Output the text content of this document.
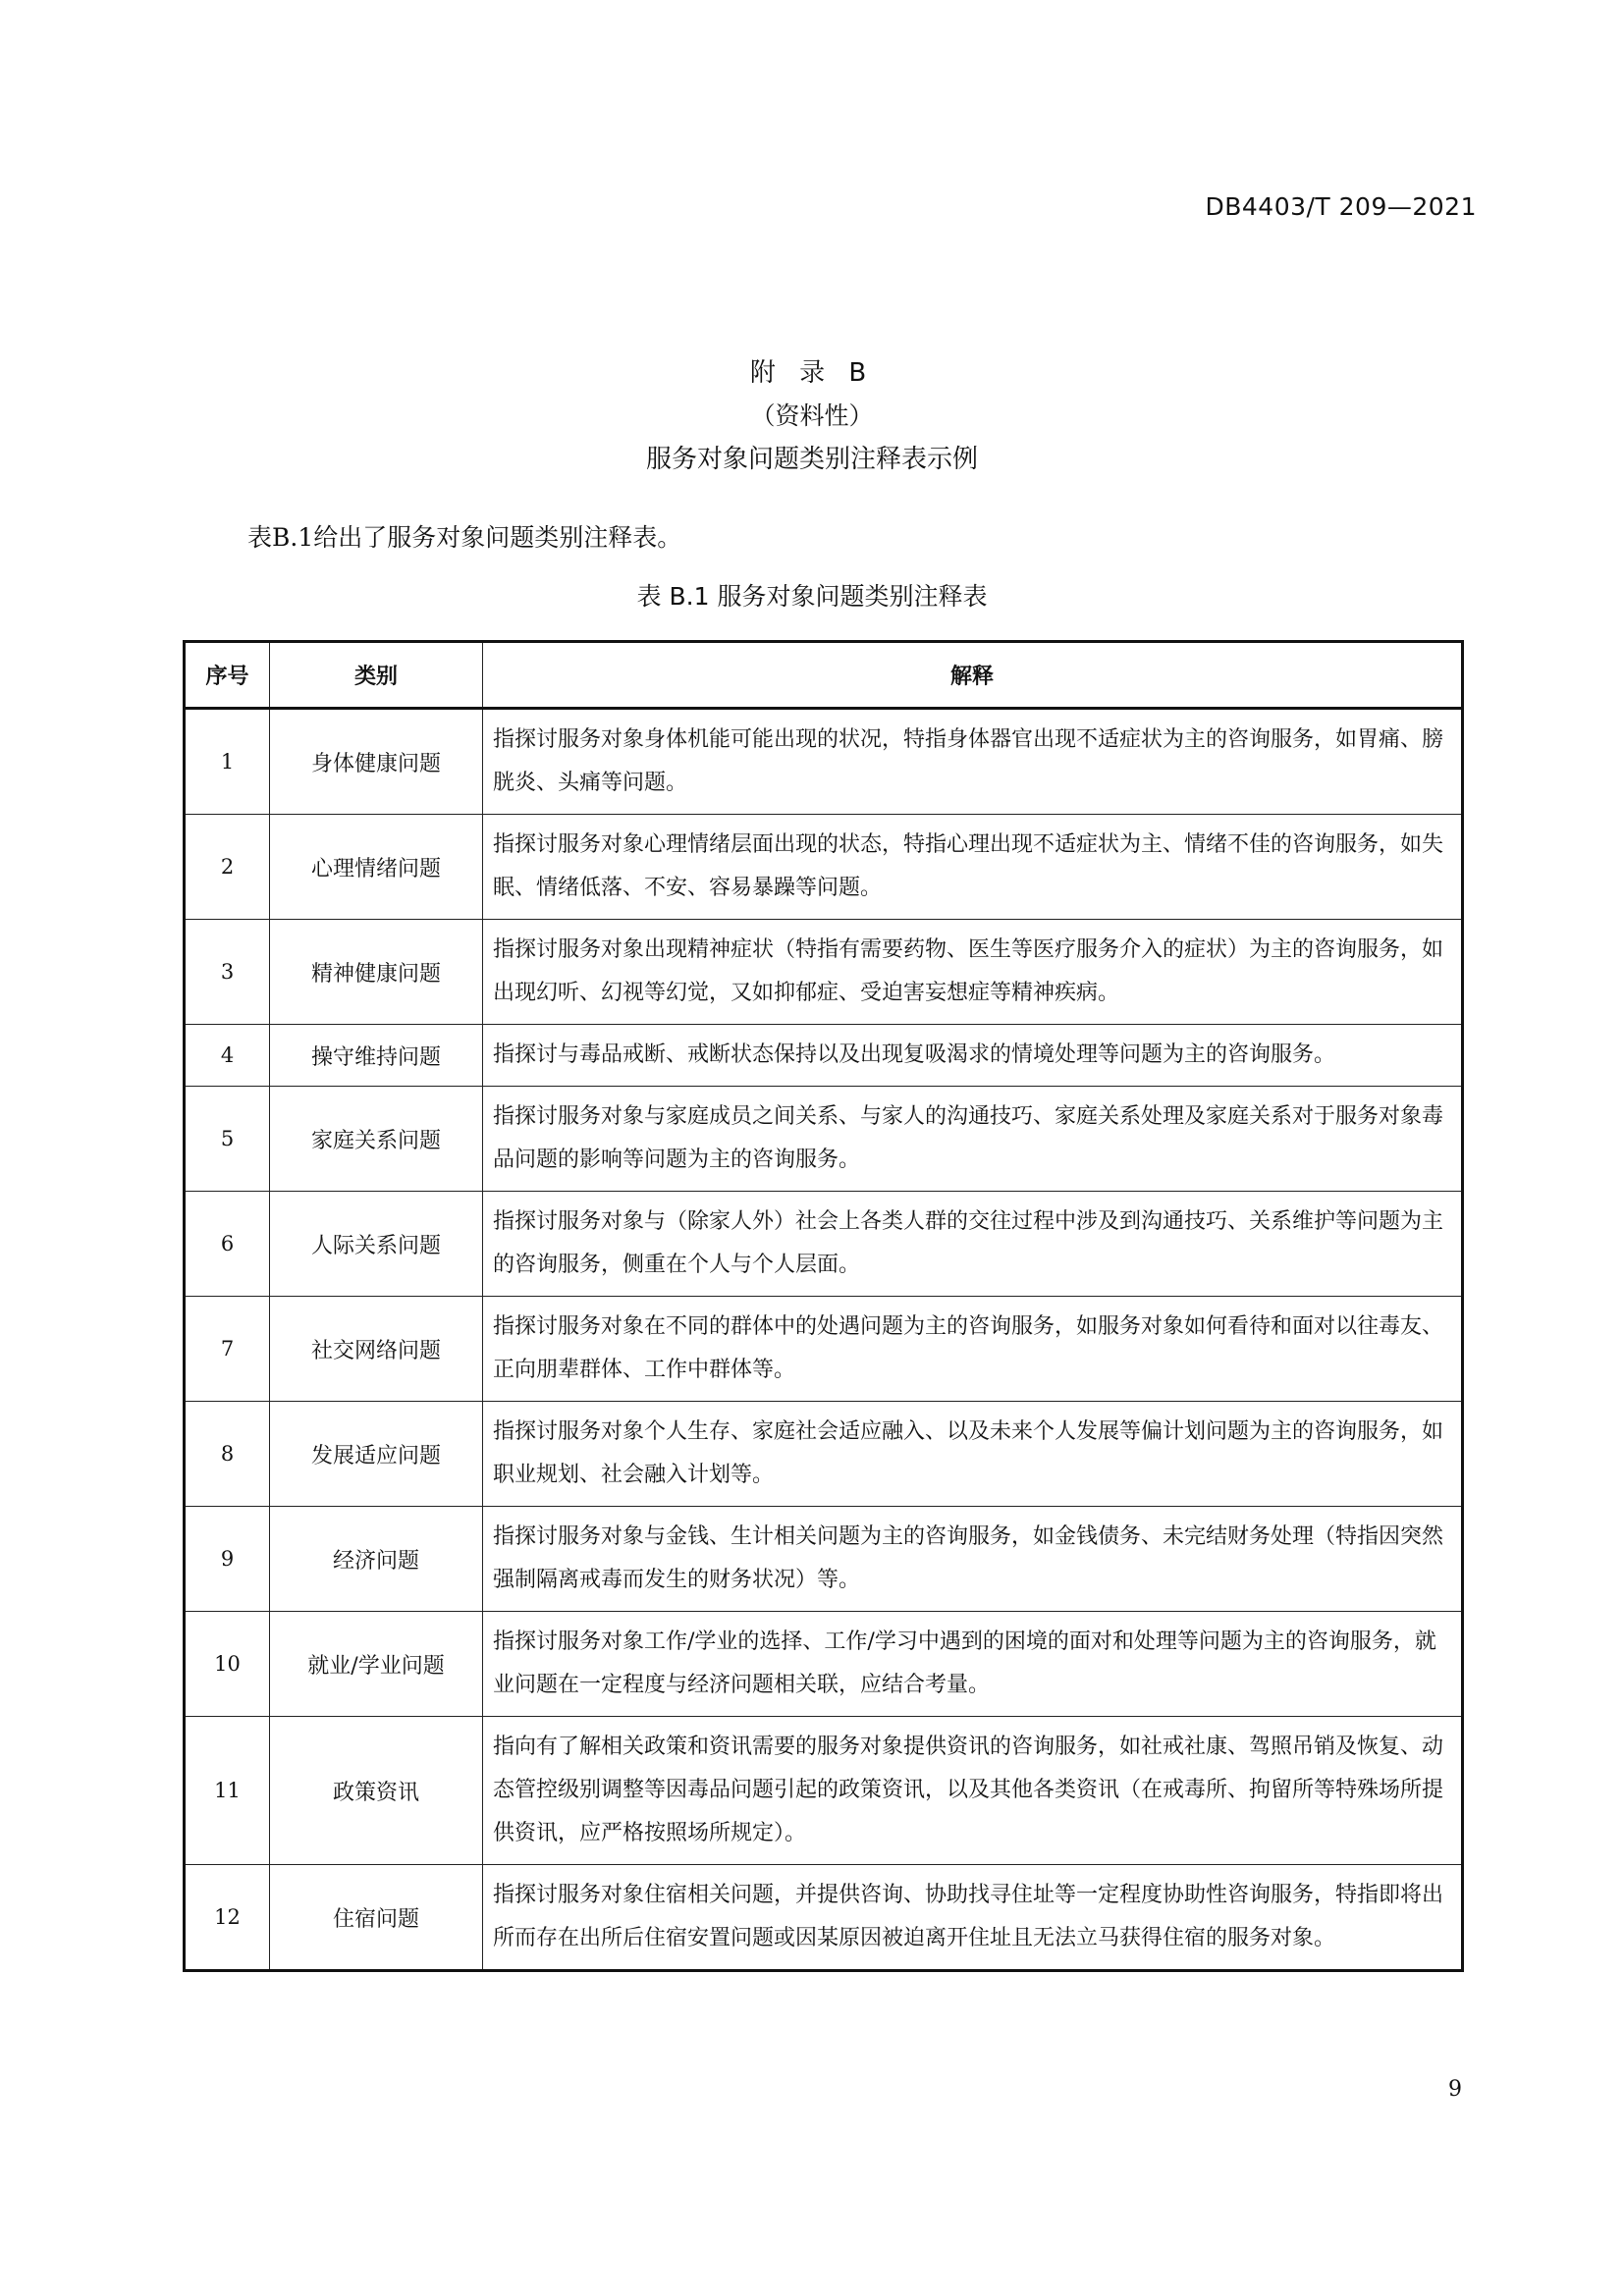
DB4403/T 209—2021
附 录 B
（资料性）
服务对象问题类别注释表示例
表B.1给出了服务对象问题类别注释表。
表 B.1 服务对象问题类别注释表
序号	类别	解释
1	身体健康问题	指探讨服务对象身体机能可能出现的状况，特指身体器官出现不适症状为主的咨询服务，如胃痛、膀胱炎、头痛等问题。
2	心理情绪问题	指探讨服务对象心理情绪层面出现的状态，特指心理出现不适症状为主、情绪不佳的咨询服务，如失眠、情绪低落、不安、容易暴躁等问题。
3	精神健康问题	指探讨服务对象出现精神症状（特指有需要药物、医生等医疗服务介入的症状）为主的咨询服务，如出现幻听、幻视等幻觉，又如抑郁症、受迫害妄想症等精神疾病。
4	操守维持问题	指探讨与毒品戒断、戒断状态保持以及出现复吸渴求的情境处理等问题为主的咨询服务。
5	家庭关系问题	指探讨服务对象与家庭成员之间关系、与家人的沟通技巧、家庭关系处理及家庭关系对于服务对象毒品问题的影响等问题为主的咨询服务。
6	人际关系问题	指探讨服务对象与（除家人外）社会上各类人群的交往过程中涉及到沟通技巧、关系维护等问题为主的咨询服务，侧重在个人与个人层面。
7	社交网络问题	指探讨服务对象在不同的群体中的处遇问题为主的咨询服务，如服务对象如何看待和面对以往毒友、正向朋辈群体、工作中群体等。
8	发展适应问题	指探讨服务对象个人生存、家庭社会适应融入、以及未来个人发展等偏计划问题为主的咨询服务，如职业规划、社会融入计划等。
9	经济问题	指探讨服务对象与金钱、生计相关问题为主的咨询服务，如金钱债务、未完结财务处理（特指因突然强制隔离戒毒而发生的财务状况）等。
10	就业/学业问题	指探讨服务对象工作/学业的选择、工作/学习中遇到的困境的面对和处理等问题为主的咨询服务，就业问题在一定程度与经济问题相关联，应结合考量。
11	政策资讯	指向有了解相关政策和资讯需要的服务对象提供资讯的咨询服务，如社戒社康、驾照吊销及恢复、动态管控级别调整等因毒品问题引起的政策资讯，以及其他各类资讯（在戒毒所、拘留所等特殊场所提供资讯，应严格按照场所规定）。
12	住宿问题	指探讨服务对象住宿相关问题，并提供咨询、协助找寻住址等一定程度协助性咨询服务，特指即将出所而存在出所后住宿安置问题或因某原因被迫离开住址且无法立马获得住宿的服务对象。
9
